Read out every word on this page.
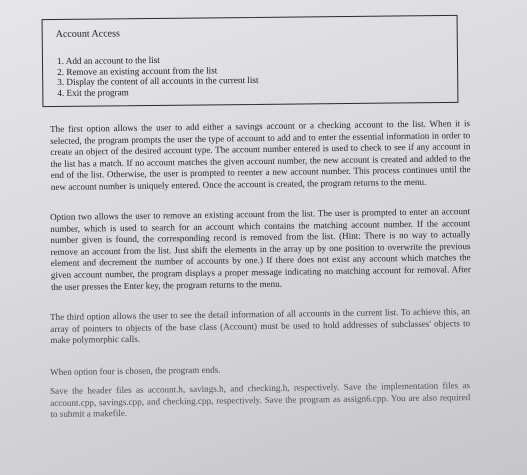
Account Access
1. Add an account to the list
2. Remove an existing account from the list
3. Display the content of all accounts in the current list
4. Exit the program

The first option allows the user to add either a savings account or a checking account to the list. When it is selected, the program prompts the user the type of account to add and to enter the essential information in order to create an object of the desired account type. The account number entered is used to check to see if any account in the list has a match. If no account matches the given account number, the new account is created and added to the end of the list. Otherwise, the user is prompted to reenter a new account number. This process continues until the new account number is uniquely entered. Once the account is created, the program returns to the menu.

Option two allows the user to remove an existing account from the list. The user is prompted to enter an account number, which is used to search for an account which contains the matching account number. If the account number given is found, the corresponding record is removed from the list. (Hint: There is no way to actually remove an account from the list. Just shift the elements in the array up by one position to overwrite the previous element and decrement the number of accounts by one.) If there does not exist any account which matches the given account number, the program displays a proper message indicating no matching account for removal. After the user presses the Enter key, the program returns to the menu.

The third option allows the user to see the detail information of all accounts in the current list. To achieve this, an array of pointers to objects of the base class (Account) must be used to hold addresses of subclasses' objects to make polymorphic calls.

When option four is chosen, the program ends.

Save the header files as account.h, savings.h, and checking.h, respectively. Save the implementation files as account.cpp, savings.cpp, and checking.cpp, respectively. Save the program as assign6.cpp. You are also required to submit a makefile.
